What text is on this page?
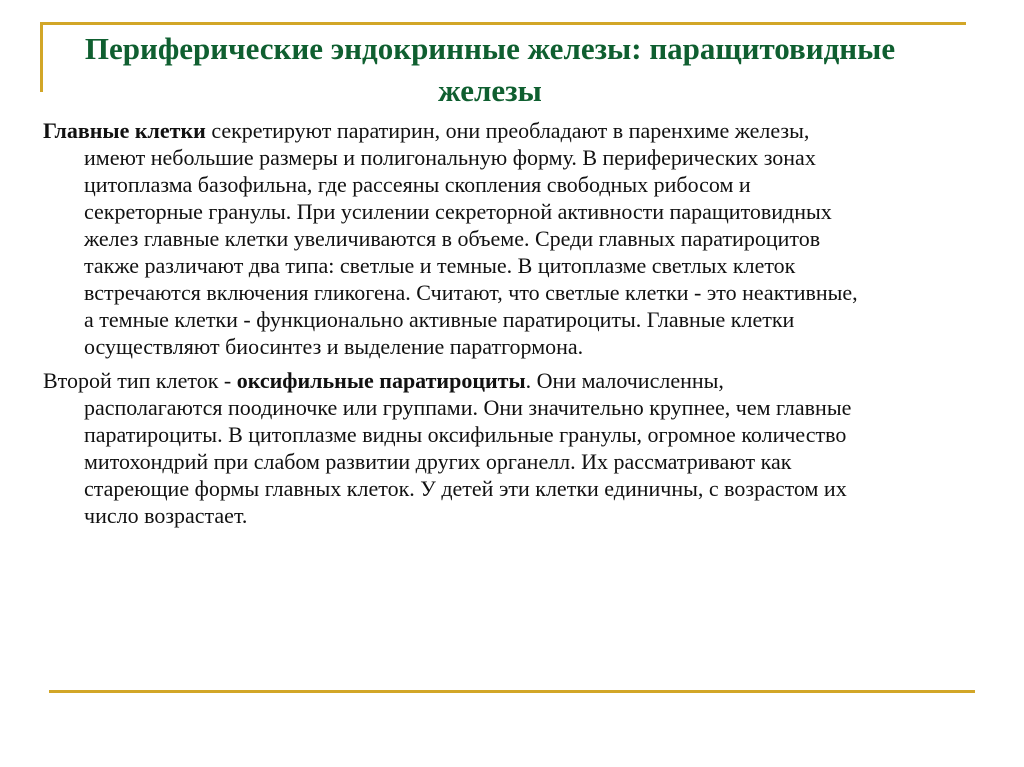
Периферические эндокринные железы: паращитовидные
железы

Главные клетки секретируют паратирин, они преобладают в паренхиме железы,
имеют небольшие размеры и полигональную форму. В периферических зонах
цитоплазма базофильна, где рассеяны скопления свободных рибосом и
секреторные гранулы. При усилении секреторной активности паращитовидных
желез главные клетки увеличиваются в объеме. Среди главных паратироцитов
также различают два типа: светлые и темные. В цитоплазме светлых клеток
встречаются включения гликогена. Считают, что светлые клетки - это неактивные,
а темные клетки - функционально активные паратироциты. Главные клетки
осуществляют биосинтез и выделение паратгормона.

Второй тип клеток - оксифильные паратироциты. Они малочисленны,
располагаются поодиночке или группами. Они значительно крупнее, чем главные
паратироциты. В цитоплазме видны оксифильные гранулы, огромное количество
митохондрий при слабом развитии других органелл. Их рассматривают как
стареющие формы главных клеток. У детей эти клетки единичны, с возрастом их
число возрастает.
